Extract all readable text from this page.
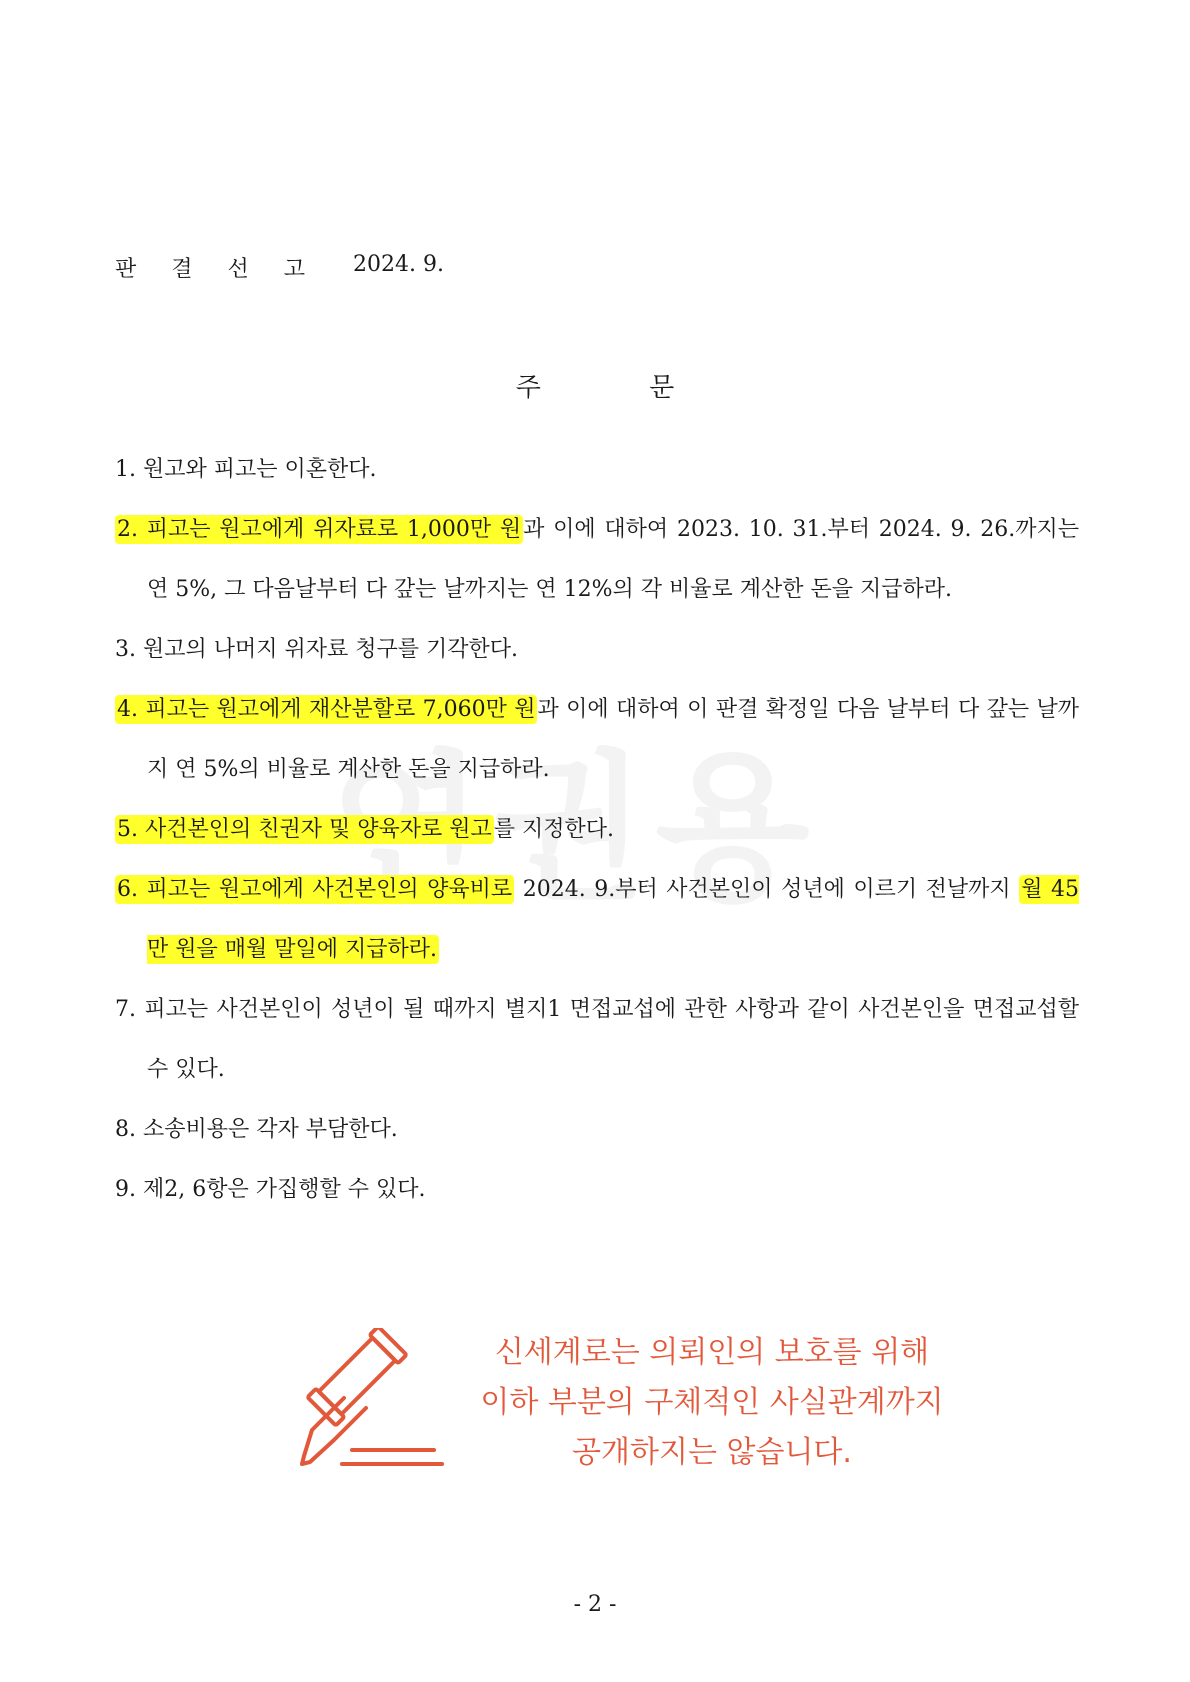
판 결 선 고 2024. 9.
주	문

1. 원고와 피고는 이혼한다.

2. 피고는 원고에게 위자료로 1,000만 원과 이에 대하여 2023. 10. 31.부터 2024. 9. 26.까지는 연 5%, 그 다음날부터 다 갚는 날까지는 연 12%의 각 비율로 계산한 돈을 지급하라.

3. 원고의 나머지 위자료 청구를 기각한다.

4. 피고는 원고에게 재산분할로 7,060만 원과 이에 대하여 이 판결 확정일 다음 날부터 다 갚는 날까지 연 5%의 비율로 계산한 돈을 지급하라.

5. 사건본인의 친권자 및 양육자로 원고를 지정한다.

6. 피고는 원고에게 사건본인의 양육비로 2024. 9.부터 사건본인이 성년에 이르기 전날까지 월 45만 원을 매월 말일에 지급하라.

7. 피고는 사건본인이 성년이 될 때까지 별지1 면접교섭에 관한 사항과 같이 사건본인을 면접교섭할 수 있다.

8. 소송비용은 각자 부담한다.

9. 제2, 6항은 가집행할 수 있다.

신세계로는 의뢰인의 보호를 위해
이하 부분의 구체적인 사실관계까지
공개하지는 않습니다.
- 2 -
